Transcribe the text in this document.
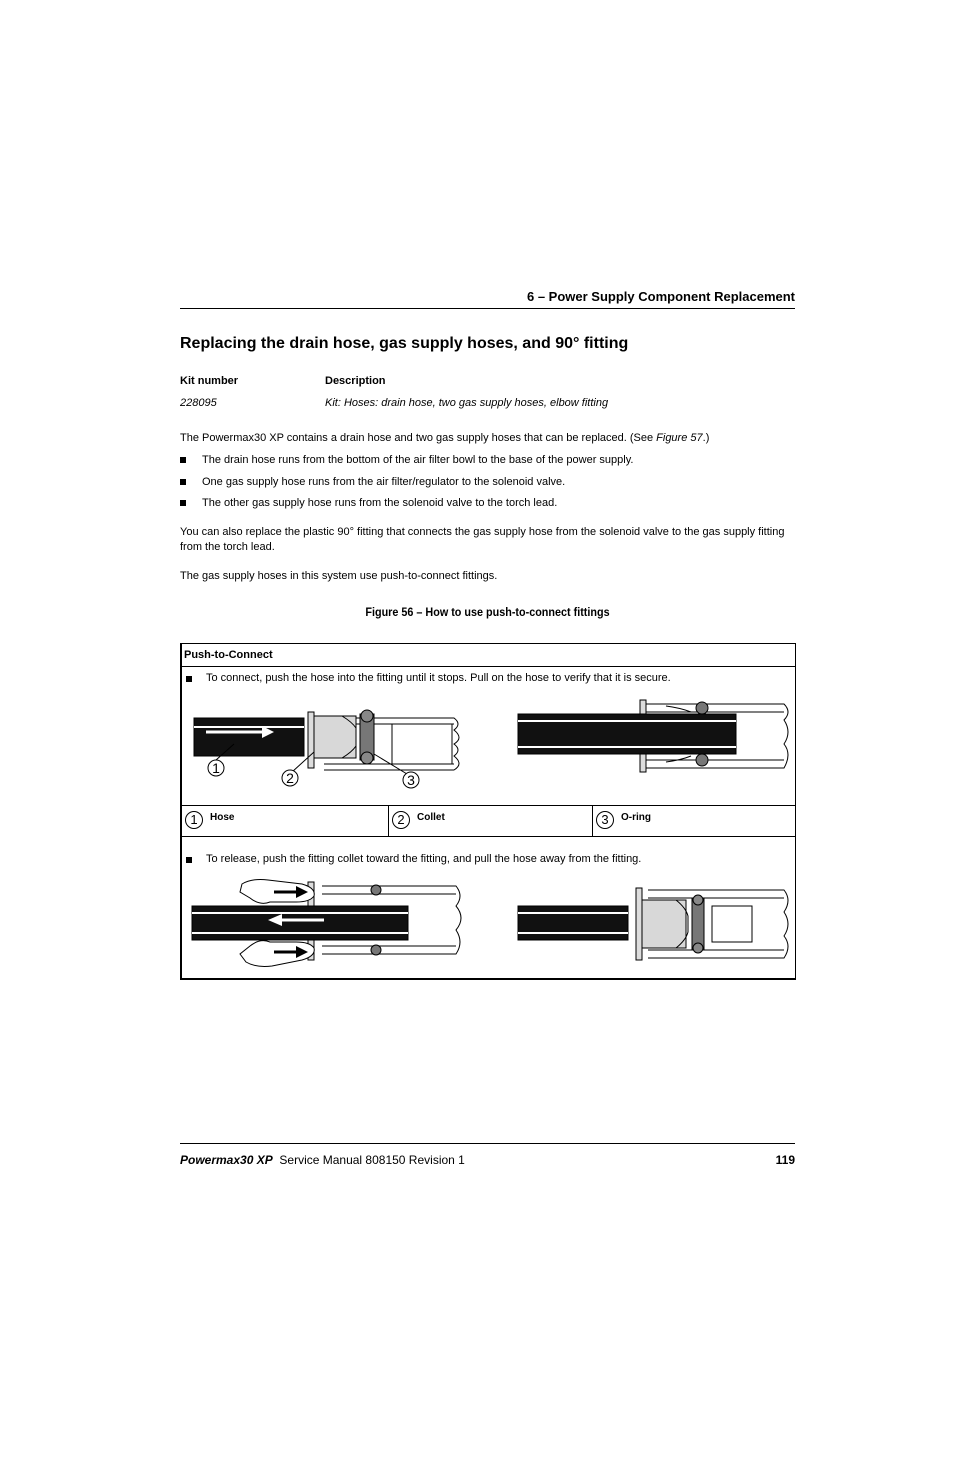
6 – Power Supply Component Replacement
Replacing the drain hose, gas supply hoses, and 90° fitting
Kit number	Description
228095	Kit: Hoses: drain hose, two gas supply hoses, elbow fitting
The Powermax30 XP contains a drain hose and two gas supply hoses that can be replaced. (See Figure 57.)
The drain hose runs from the bottom of the air filter bowl to the base of the power supply.
One gas supply hose runs from the air filter/regulator to the solenoid valve.
The other gas supply hose runs from the solenoid valve to the torch lead.
You can also replace the plastic 90° fitting that connects the gas supply hose from the solenoid valve to the gas supply fitting from the torch lead.
The gas supply hoses in this system use push-to-connect fittings.
Figure 56 – How to use push-to-connect fittings
Push-to-Connect
To connect, push the hose into the fitting until it stops. Pull on the hose to verify that it is secure.
1
2	3
1	Hose	2	Collet	3	O-ring
To release, push the fitting collet toward the fitting, and pull the hose away from the fitting.
Powermax30 XP Service Manual 808150 Revision 1	119
